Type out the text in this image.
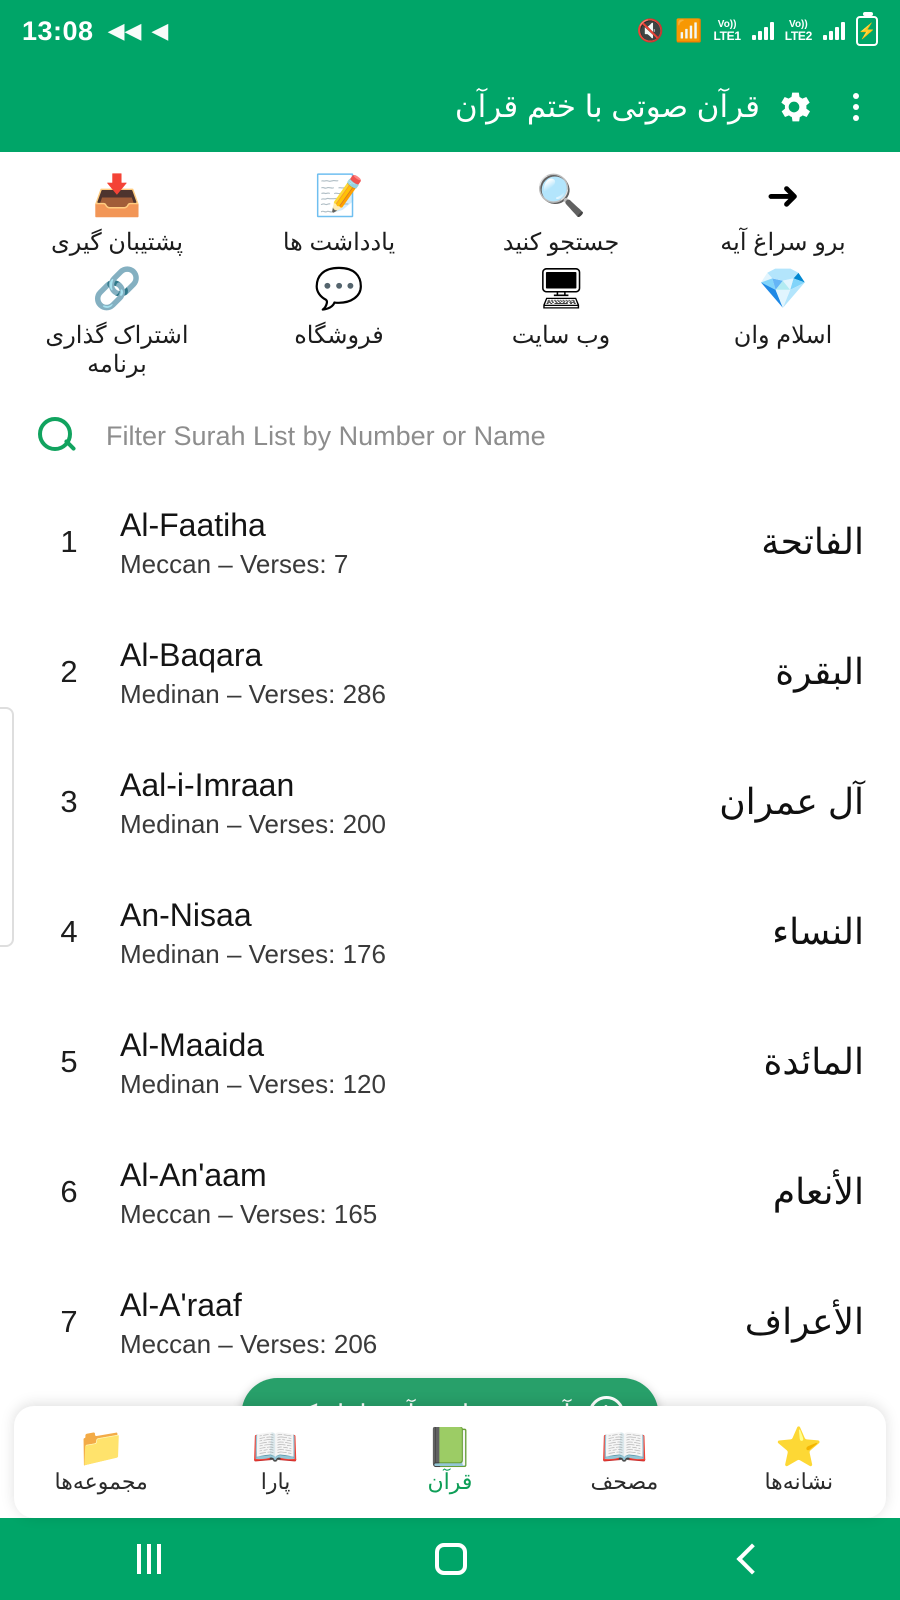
13:08 ◀◀ ◀	🔇 📶 Vo))
LTE1
Vo))
LTE2	⚡
قرآن صوتی با ختم قرآن
➜
برو سراغ آیه
🔍
جستجو کنید
📝
یادداشت ها
📥
پشتیبان گیری
💎
اسلام وان
🖥
وب سایت
💬
فروشگاه
🔗
اشتراک گذاری برنامه
Filter Surah List by Number or Name
1	Al-Faatiha
Meccan – Verses: 7
الفاتحة
2	Al-Baqara
Medinan – Verses: 286
البقرة
3	Aal-i-Imraan
Medinan – Verses: 200
آل عمران
4	An-Nisaa
Medinan – Verses: 176
النساء
5	Al-Maaida
Medinan – Verses: 120
المائدة
6	Al-An'aam
Meccan – Verses: 165
الأنعام
7	Al-A'raaf
Meccan – Verses: 206
الأعراف
⭐
نشانه‌ها
📖
مصحف
📗
قرآن
📖
پارا
📁
مجموعه‌ها
